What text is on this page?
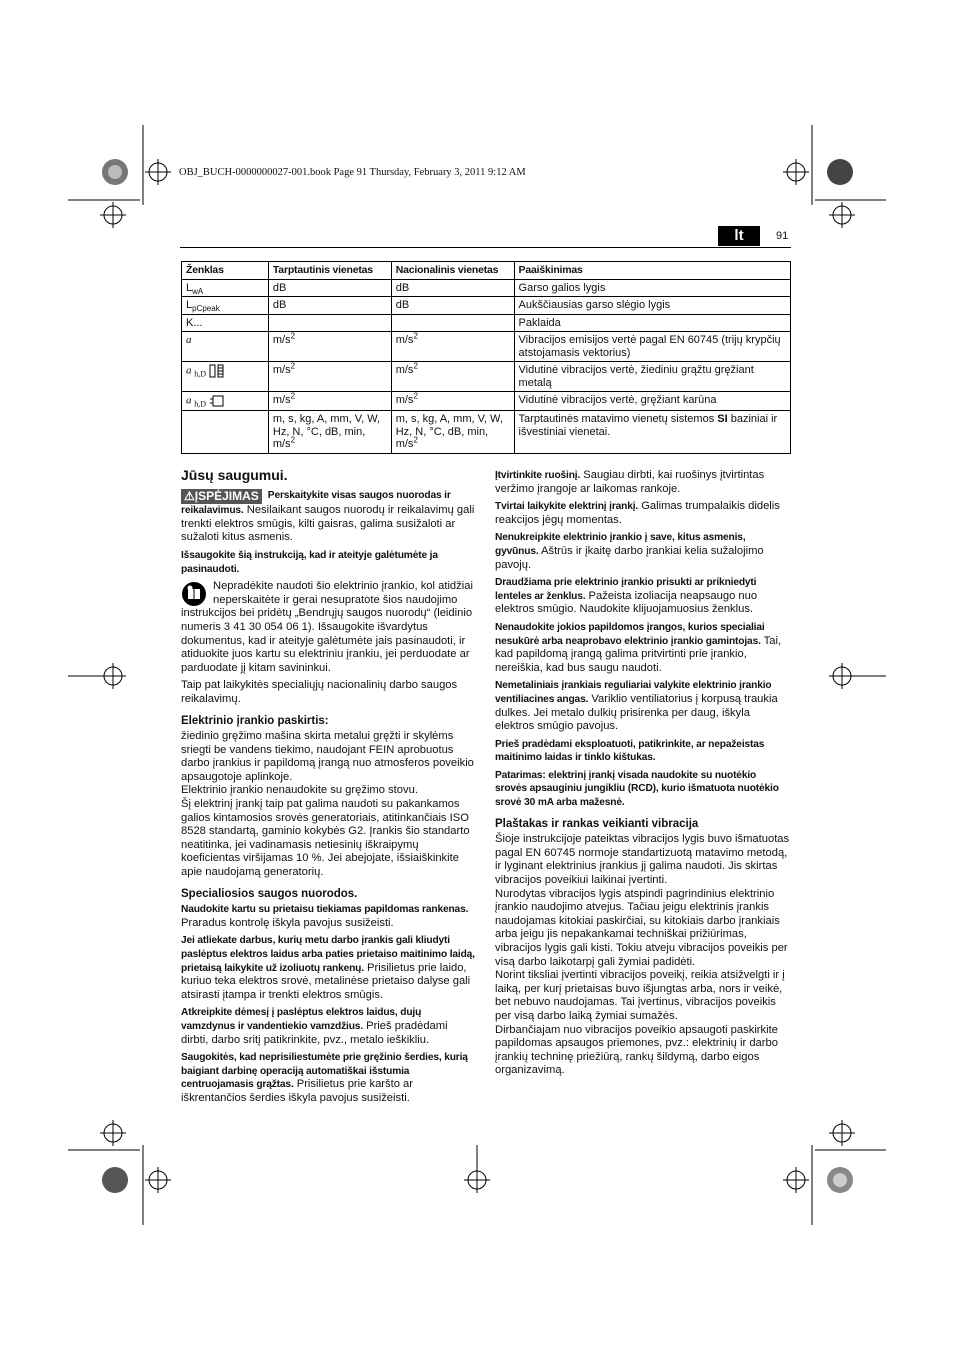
OBJ_BUCH-0000000027-001.book Page 91 Thursday, February 3, 2011 9:12 AM
lt	91
Ženklas	Tarptautinis vienetas	Nacionalinis vienetas	Paaiškinimas
$L_{wA}$	dB	dB	Garso galios lygis
$L_{pCpeak}$	dB	dB	Aukščiausias garso slėgio lygis
K...			Paklaida
a	$m/s^2$	$m/s^2$	Vibracijos emisijos vertė pagal EN 60745 (trijų krypčių atstojamasis vektorius)
a $_{h,D}$	$m/s^2$	$m/s^2$	Vidutinė vibracijos vertė, žiediniu grąžtu gręžiant metalą
a $_{h,D}$	$m/s^2$	$m/s^2$	Vidutinė vibracijos vertė, gręžiant karūna
	m, s, kg, A, mm, V, W, Hz, N, °C, dB, min, $m/s^2$	m, s, kg, A, mm, V, W, Hz, N, °C, dB, min, $m/s^2$	Tarptautinės matavimo vienetų sistemos SI baziniai ir išvestiniai vienetai.
Jūsų saugumui.

⚠ĮSPĖJIMAS Perskaitykite visas saugos nuorodas ir reikalavimus. Nesilaikant saugos nuorodų ir reikalavimų gali trenkti elektros smūgis, kilti gaisras, galima susižaloti ar sužaloti kitus asmenis.

Išsaugokite šią instrukciją, kad ir ateityje galėtumėte ja pasinaudoti.

Nepradėkite naudoti šio elektrinio įrankio, kol atidžiai neperskaitėte ir gerai nesupratote šios naudojimo instrukcijos bei pridėtų „Bendrųjų saugos nuorodų“ (leidinio numeris 3 41 30 054 06 1). Išsaugokite išvardytus dokumentus, kad ir ateityje galėtumėte jais pasinaudoti, ir atiduokite juos kartu su elektriniu įrankiu, jei perduodate ar parduodate jį kitam savininkui.

Taip pat laikykitės specialiųjų nacionalinių darbo saugos reikalavimų.

Elektrinio įrankio paskirtis:

žiedinio gręžimo mašina skirta metalui gręžti ir skylėms sriegti be vandens tiekimo, naudojant FEIN aprobuotus darbo įrankius ir papildomą įrangą nuo atmosferos poveikio apsaugotoje aplinkoje.

Elektrinio įrankio nenaudokite su gręžimo stovu.

Šį elektrinį įrankį taip pat galima naudoti su pakankamos galios kintamosios srovės generatoriais, atitinkančiais ISO 8528 standartą, gaminio kokybės G2. Įrankis šio standarto neatitinka, jei vadinamasis netiesinių iškraipymų koeficientas viršijamas 10 %. Jei abejojate, išsiaiškinkite apie naudojamą generatorių.

Specialiosios saugos nuorodos.

Naudokite kartu su prietaisu tiekiamas papildomas rankenas. Praradus kontrolę iškyla pavojus susižeisti.

Jei atliekate darbus, kurių metu darbo įrankis gali kliudyti paslėptus elektros laidus arba paties prietaiso maitinimo laidą, prietaisą laikykite už izoliuotų rankenų. Prisilietus prie laido, kuriuo teka elektros srovė, metalinėse prietaiso dalyse gali atsirasti įtampa ir trenkti elektros smūgis.

Atkreipkite dėmesį į paslėptus elektros laidus, dujų vamzdynus ir vandentiekio vamzdžius. Prieš pradėdami dirbti, darbo sritį patikrinkite, pvz., metalo ieškikliu.

Saugokitės, kad neprisiliestumėte prie gręžinio šerdies, kurią baigiant darbinę operaciją automatiškai išstumia centruojamasis grąžtas. Prisilietus prie karšto ar iškrentančios šerdies iškyla pavojus susižeisti.

Įtvirtinkite ruošinį. Saugiau dirbti, kai ruošinys įtvirtintas veržimo įrangoje ar laikomas rankoje.

Tvirtai laikykite elektrinį įrankį. Galimas trumpalaikis didelis reakcijos jėgų momentas.

Nenukreipkite elektrinio įrankio į save, kitus asmenis, gyvūnus. Aštrūs ir įkaitę darbo įrankiai kelia sužalojimo pavojų.

Draudžiama prie elektrinio įrankio prisukti ar prikniedyti lenteles ar ženklus. Pažeista izoliacija neapsaugo nuo elektros smūgio. Naudokite klijuojamuosius ženklus.

Nenaudokite jokios papildomos įrangos, kurios specialiai nesukūrė arba neaprobavo elektrinio įrankio gamintojas. Tai, kad papildomą įrangą galima pritvirtinti prie įrankio, nereiškia, kad bus saugu naudoti.

Nemetaliniais įrankiais reguliariai valykite elektrinio įrankio ventiliacines angas. Variklio ventiliatorius į korpusą traukia dulkes. Jei metalo dulkių prisirenka per daug, iškyla elektros smūgio pavojus.

Prieš pradėdami eksploatuoti, patikrinkite, ar nepažeistas maitinimo laidas ir tinklo kištukas.

Patarimas: elektrinį įrankį visada naudokite su nuotėkio srovės apsauginiu jungikliu (RCD), kurio išmatuota nuotėkio srovė 30 mA arba mažesnė.

Plaštakas ir rankas veikianti vibracija

Šioje instrukcijoje pateiktas vibracijos lygis buvo išmatuotas pagal EN 60745 normoje standartizuotą matavimo metodą, ir lyginant elektrinius įrankius jį galima naudoti. Jis skirtas vibracijos poveikiui laikinai įvertinti.

Nurodytas vibracijos lygis atspindi pagrindinius elektrinio įrankio naudojimo atvejus. Tačiau jeigu elektrinis įrankis naudojamas kitokiai paskirčiai, su kitokiais darbo įrankiais arba jeigu jis nepakankamai techniškai prižiūrimas, vibracijos lygis gali kisti. Tokiu atveju vibracijos poveikis per visą darbo laikotarpį gali žymiai padidėti.

Norint tiksliai įvertinti vibracijos poveikį, reikia atsižvelgti ir į laiką, per kurį prietaisas buvo išjungtas arba, nors ir veikė, bet nebuvo naudojamas. Tai įvertinus, vibracijos poveikis per visą darbo laiką žymiai sumažės.

Dirbančiajam nuo vibracijos poveikio apsaugoti paskirkite papildomas apsaugos priemones, pvz.: elektrinių ir darbo įrankių techninę priežiūrą, rankų šildymą, darbo eigos organizavimą.
